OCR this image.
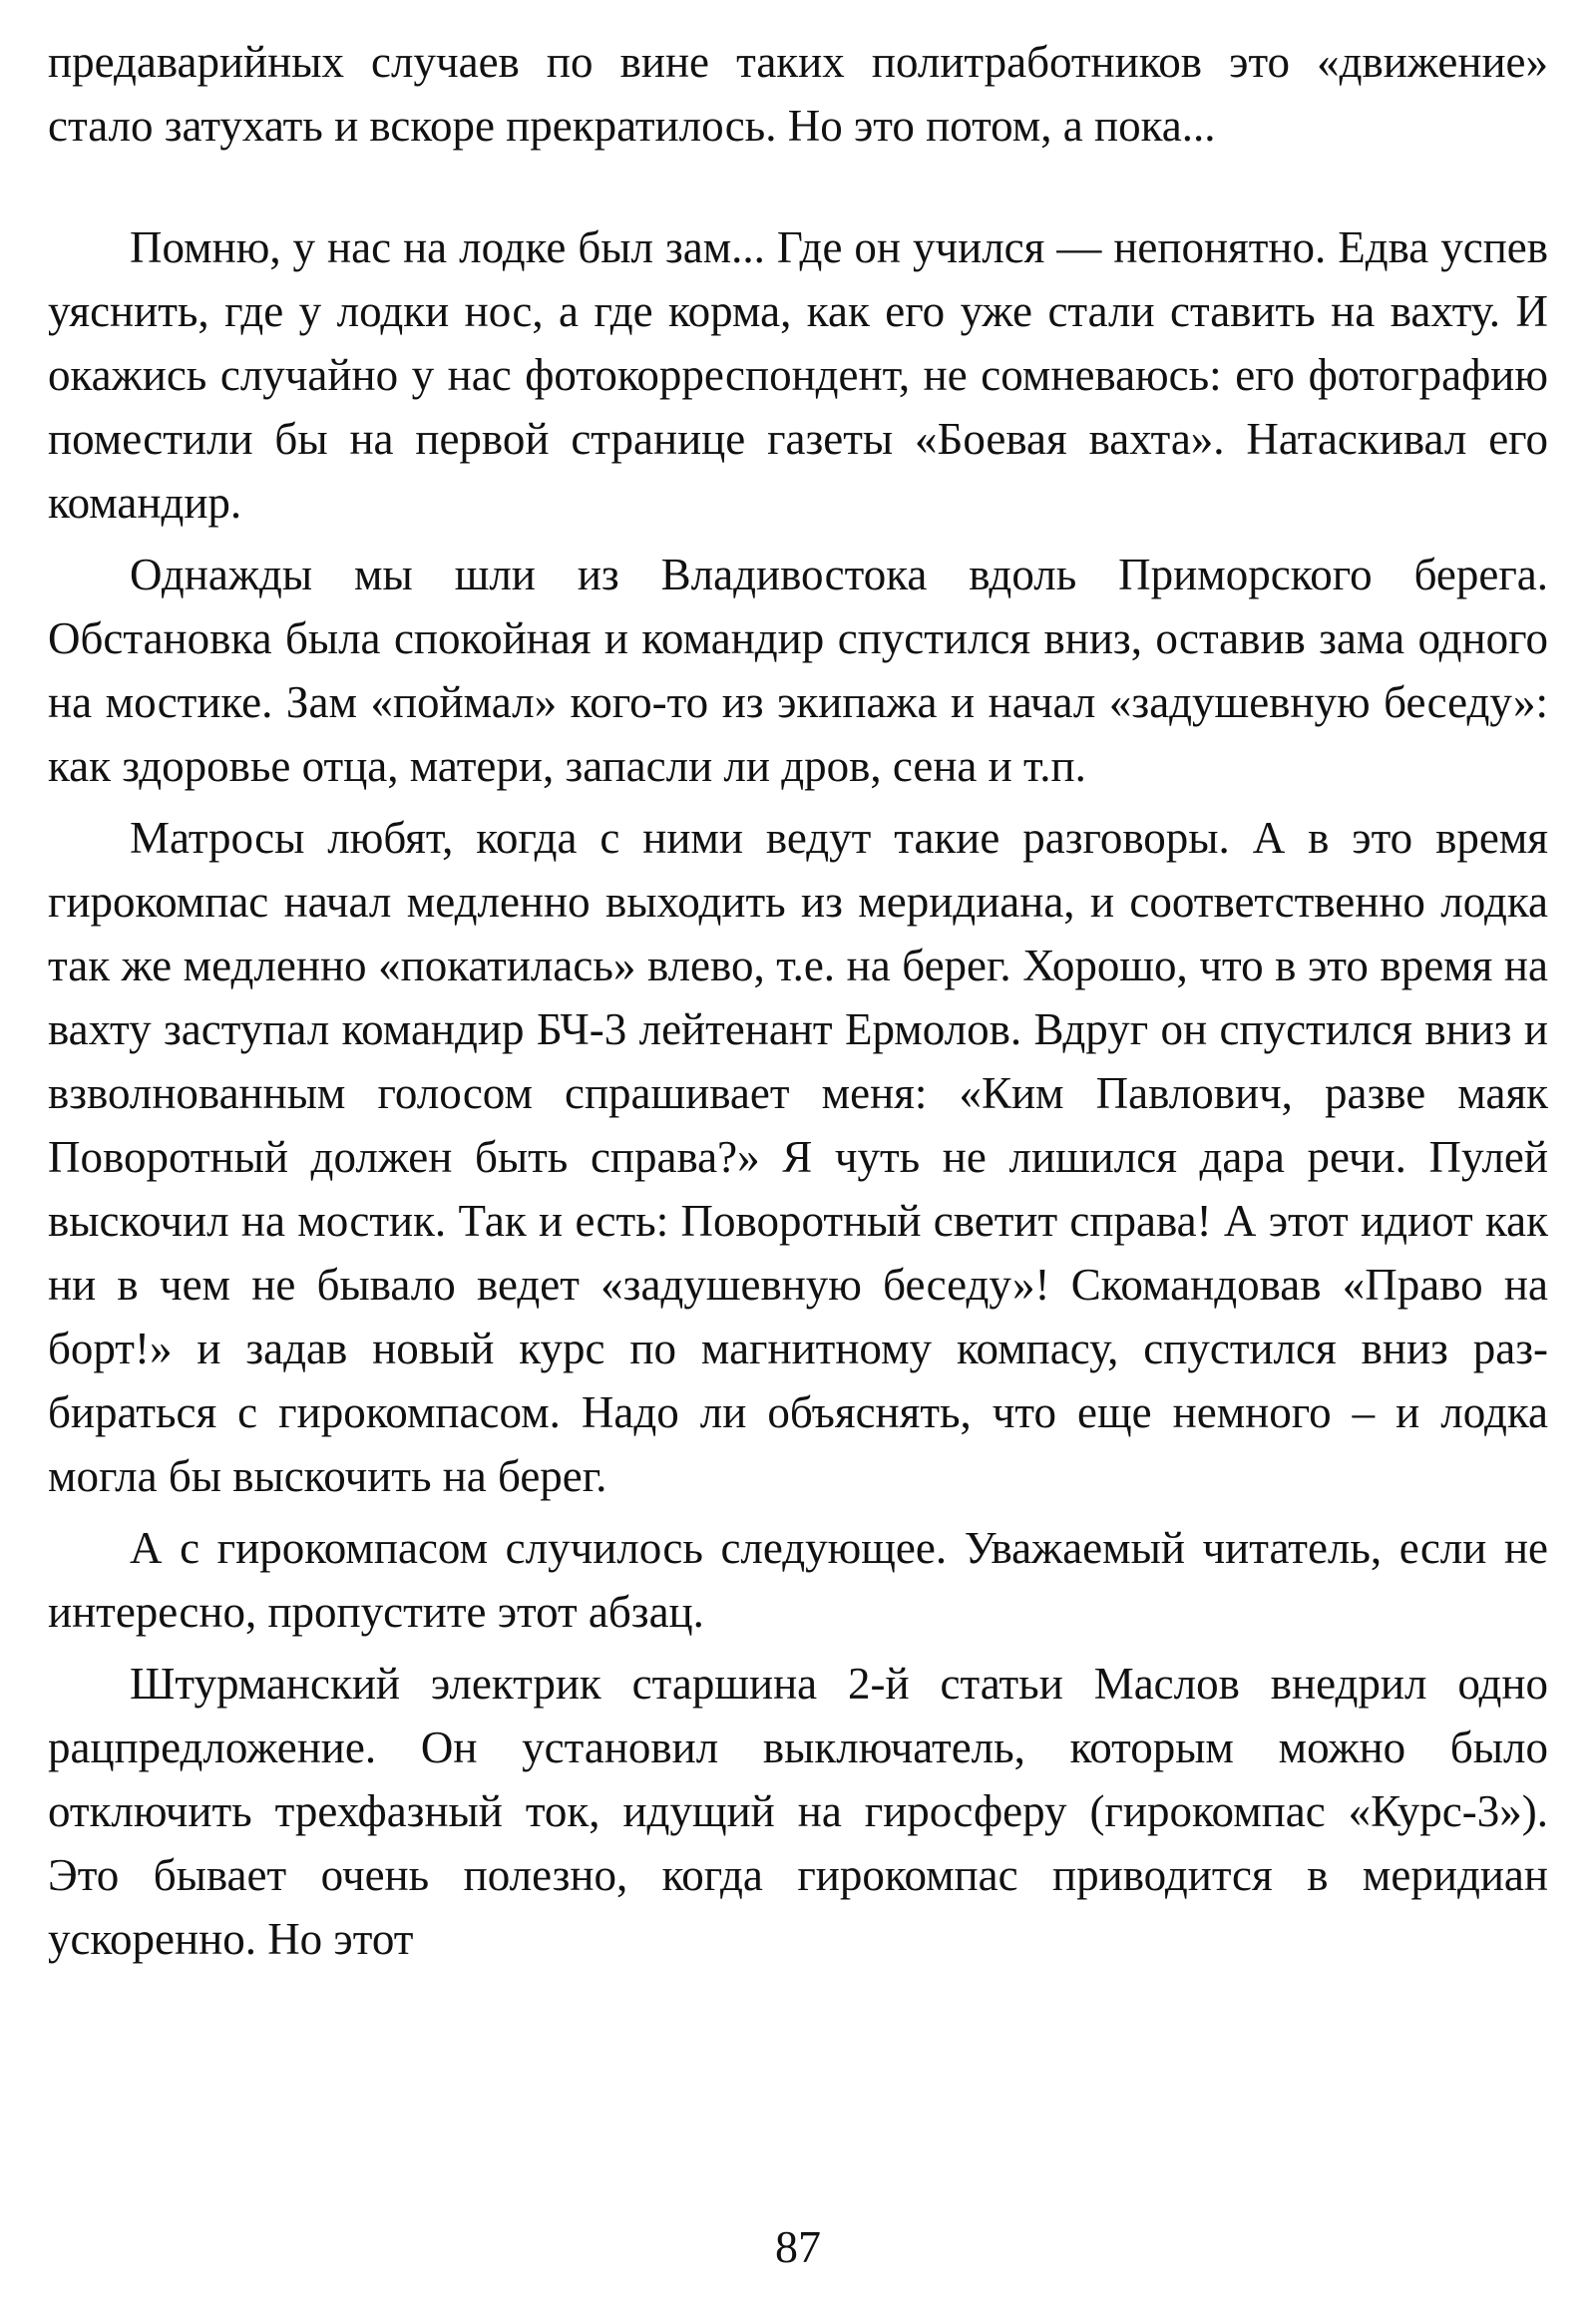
предаварийных случаев по вине таких политработников это «движение» стало затухать и вскоре прекратилось. Но это потом, а пока...

Помню, у нас на лодке был зам... Где он учился — непонятно. Едва успев уяснить, где у лодки нос, а где корма, как его уже стали ставить на вахту. И окажись случайно у нас фотокорреспондент, не сомневаюсь: его фотографию поместили бы на первой странице газеты «Боевая вахта». Натаскивал его командир.

Однажды мы шли из Владивостока вдоль Приморского берега. Обстановка была спокойная и командир спустился вниз, оставив зама одного на мостике. Зам «поймал» кого-то из экипажа и начал «задушевную беседу»: как здоровье отца, матери, запасли ли дров, сена и т.п.

Матросы любят, когда с ними ведут такие разговоры. А в это время гирокомпас начал медленно выходить из меридиана, и соответственно лодка так же медленно «покатилась» влево, т.е. на берег. Хорошо, что в это время на вахту заступал командир БЧ-3 лейтенант Ермолов. Вдруг он спустился вниз и взволнованным голосом спрашивает меня: «Ким Павлович, разве маяк Поворотный должен быть справа?» Я чуть не лишился дара речи. Пулей выскочил на мостик. Так и есть: Поворотный светит справа! А этот идиот как ни в чем не бывало ведет «задушевную беседу»! Скомандовав «Право на борт!» и задав новый курс по магнитному компасу, спустился вниз разбираться с гирокомпасом. Надо ли объяснять, что еще немного – и лодка могла бы выскочить на берег.

А с гирокомпасом случилось следующее. Уважаемый читатель, если не интересно, пропустите этот абзац.

Штурманский электрик старшина 2-й статьи Маслов внедрил одно рацпредложение. Он установил выключатель, которым можно было отключить трехфазный ток, идущий на гиросферу (гирокомпас «Курс-3»). Это бывает очень полезно, когда гирокомпас приводится в меридиан ускоренно. Но этот

87
